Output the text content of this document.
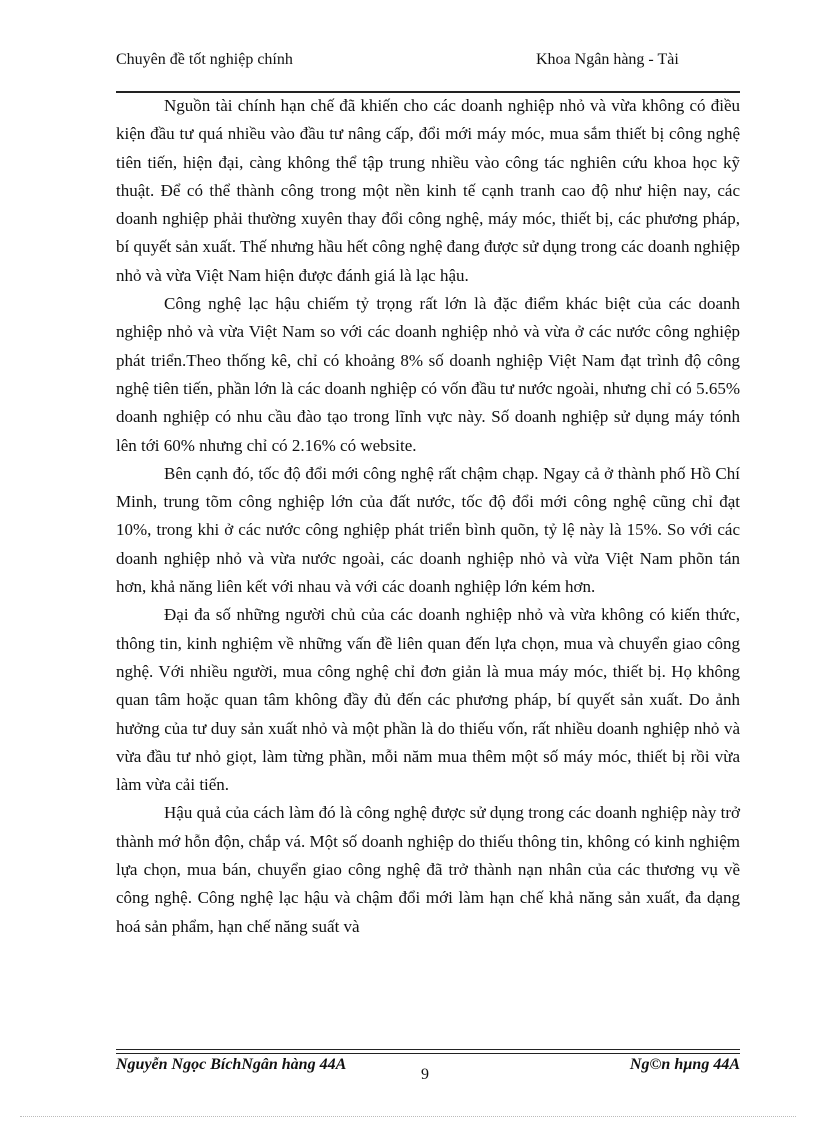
Chuyên đề tốt nghiệp chính	Khoa Ngân hàng - Tài

Nguồn tài chính hạn chế đã khiến cho các doanh nghiệp nhỏ và vừa không có điều kiện đầu tư quá nhiều vào đầu tư nâng cấp, đổi mới máy móc, mua sắm thiết bị công nghệ tiên tiến, hiện đại, càng không thể tập trung nhiều vào công tác nghiên cứu khoa học kỹ thuật. Để có thể thành công trong một nền kinh tế cạnh tranh cao độ như hiện nay, các doanh nghiệp phải thường xuyên thay đổi công nghệ, máy móc, thiết bị, các phương pháp, bí quyết sản xuất. Thế nhưng hầu hết công nghệ đang được sử dụng trong các doanh nghiệp nhỏ và vừa Việt Nam hiện được đánh giá là lạc hậu.

Công nghệ lạc hậu chiếm tỷ trọng rất lớn là đặc điểm khác biệt của các doanh nghiệp nhỏ và vừa Việt Nam so với các doanh nghiệp nhỏ và vừa ở các nước công nghiệp phát triển.Theo thống kê, chỉ có khoảng 8% số doanh nghiệp Việt Nam đạt trình độ công nghệ tiên tiến, phần lớn là các doanh nghiệp có vốn đầu tư nước ngoài, nhưng chỉ có 5.65% doanh nghiệp có nhu cầu đào tạo trong lĩnh vực này. Số doanh nghiệp sử dụng máy tónh lên tới 60% nhưng chỉ có 2.16% có website.

Bên cạnh đó, tốc độ đổi mới công nghệ rất chậm chạp. Ngay cả ở thành phố Hồ Chí Minh, trung tõm công nghiệp lớn của đất nước, tốc độ đổi mới công nghệ cũng chỉ đạt 10%, trong khi ở các nước công nghiệp phát triển bình quõn, tỷ lệ này là 15%. So với các doanh nghiệp nhỏ và vừa nước ngoài, các doanh nghiệp nhỏ và vừa Việt Nam phõn tán hơn, khả năng liên kết với nhau và với các doanh nghiệp lớn kém hơn.

Đại đa số những người chủ của các doanh nghiệp nhỏ và vừa không có kiến thức, thông tin, kinh nghiệm về những vấn đề liên quan đến lựa chọn, mua và chuyển giao công nghệ. Với nhiều người, mua công nghệ chỉ đơn giản là mua máy móc, thiết bị. Họ không quan tâm hoặc quan tâm không đầy đủ đến các phương pháp, bí quyết sản xuất. Do ảnh hưởng của tư duy sản xuất nhỏ và một phần là do thiếu vốn, rất nhiều doanh nghiệp nhỏ và vừa đầu tư nhỏ giọt, làm từng phần, mỗi năm mua thêm một số máy móc, thiết bị rồi vừa làm vừa cải tiến.

Hậu quả của cách làm đó là công nghệ được sử dụng trong các doanh nghiệp này trở thành mớ hỗn độn, chắp vá. Một số doanh nghiệp do thiếu thông tin, không có kinh nghiệm lựa chọn, mua bán, chuyển giao công nghệ đã trở thành nạn nhân của các thương vụ về công nghệ. Công nghệ lạc hậu và chậm đổi mới làm hạn chế khả năng sản xuất, đa dạng hoá sản phẩm, hạn chế năng suất và

Nguyễn Ngọc BíchNgân hàng 44A
9
Ng©n hµng 44A
